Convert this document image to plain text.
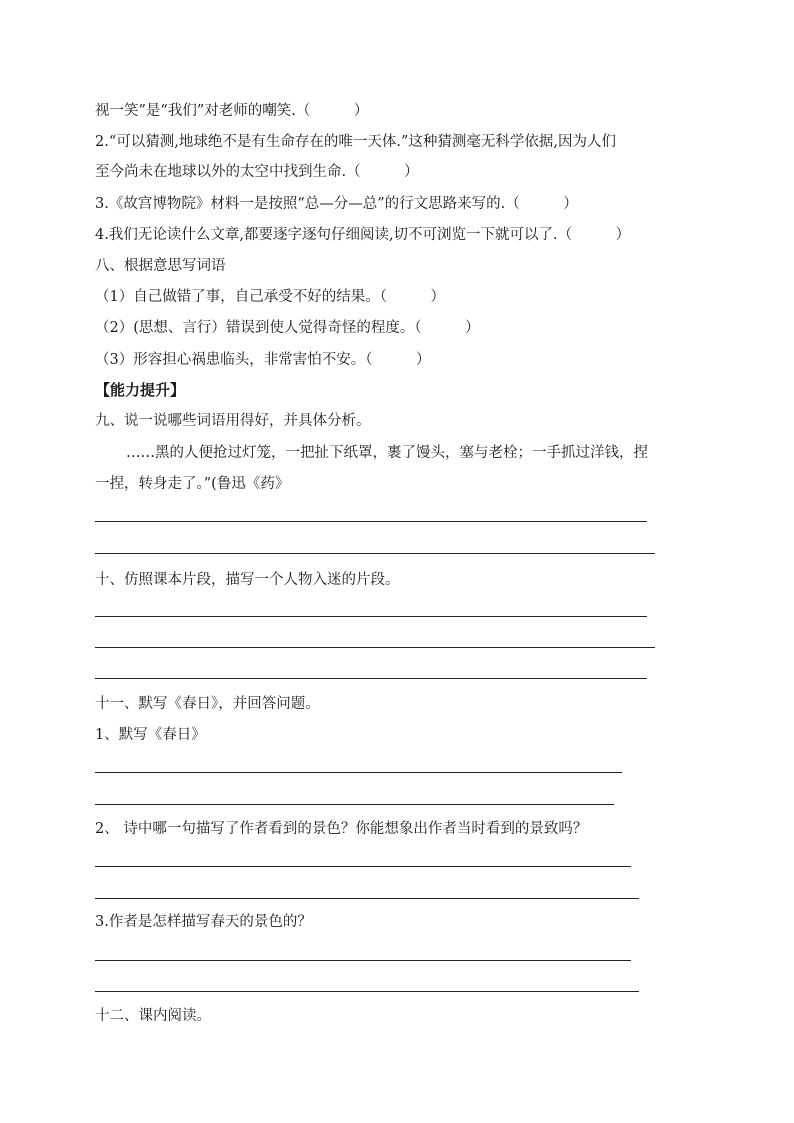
视一笑”是“我们”对老师的嘲笑.（　　　）
2.“可以猜测,地球绝不是有生命存在的唯一天体.”这种猜测毫无科学依据,因为人们
至今尚未在地球以外的太空中找到生命.（　　　）
3.《故宫博物院》材料一是按照“总—分—总”的行文思路来写的.（　　　）
4.我们无论读什么文章,都要逐字逐句仔细阅读,切不可浏览一下就可以了.（　　　）
八、根据意思写词语
（1）自己做错了事，自己承受不好的结果。（　　　）
（2）(思想、言行）错误到使人觉得奇怪的程度。（　　　）
（3）形容担心祸患临头，非常害怕不安。（　　　）
【能力提升】
九、说一说哪些词语用得好，并具体分析。
……黑的人便抢过灯笼，一把扯下纸罩，裹了馒头，塞与老栓；一手抓过洋钱，捏
一捏，转身走了。”(鲁迅《药》
十、仿照课本片段，描写一个人物入迷的片段。
十一、默写《春日》，并回答问题。
1、默写《春日》
2、 诗中哪一句描写了作者看到的景色？你能想象出作者当时看到的景致吗？
3.作者是怎样描写春天的景色的？
十二、课内阅读。
